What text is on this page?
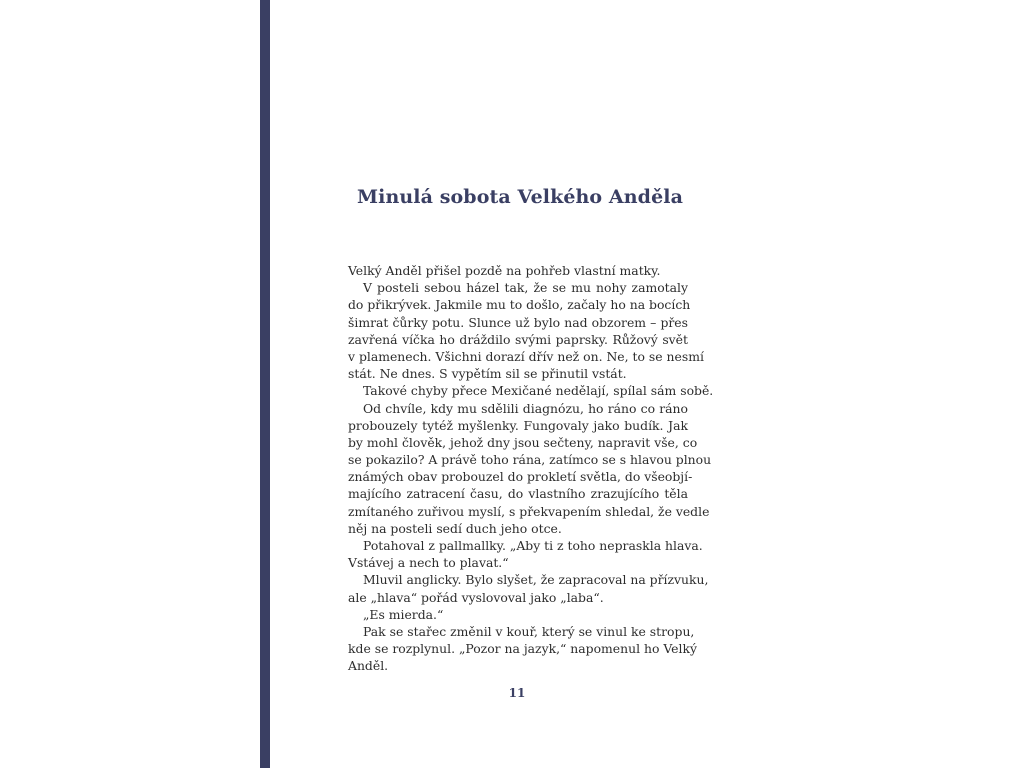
Minulá sobota Velkého Anděla
Velký Anděl přišel pozdě na pohřeb vlastní matky.
V posteli sebou házel tak, že se mu nohy zamotaly
do přikrývek. Jakmile mu to došlo, začaly ho na bocích
šimrat čůrky potu. Slunce už bylo nad obzorem – přes
zavřená víčka ho dráždilo svými paprsky. Růžový svět
v plamenech. Všichni dorazí dřív než on. Ne, to se nesmí
stát. Ne dnes. S vypětím sil se přinutil vstát.
Takové chyby přece Mexičané nedělají, spílal sám sobě.
Od chvíle, kdy mu sdělili diagnózu, ho ráno co ráno
probouzely tytéž myšlenky. Fungovaly jako budík. Jak
by mohl člověk, jehož dny jsou sečteny, napravit vše, co
se pokazilo? A právě toho rána, zatímco se s hlavou plnou
známých obav probouzel do prokletí světla, do všeobjí-
majícího zatracení času, do vlastního zrazujícího těla
zmítaného zuřivou myslí, s překvapením shledal, že vedle
něj na posteli sedí duch jeho otce.
Potahoval z pallmallky. „Aby ti z toho nepraskla hlava.
Vstávej a nech to plavat.“
Mluvil anglicky. Bylo slyšet, že zapracoval na přízvuku,
ale „hlava“ pořád vyslovoval jako „laba“.
„Es mierda.“
Pak se stařec změnil v kouř, který se vinul ke stropu,
kde se rozplynul. „Pozor na jazyk,“ napomenul ho Velký
Anděl.
11
